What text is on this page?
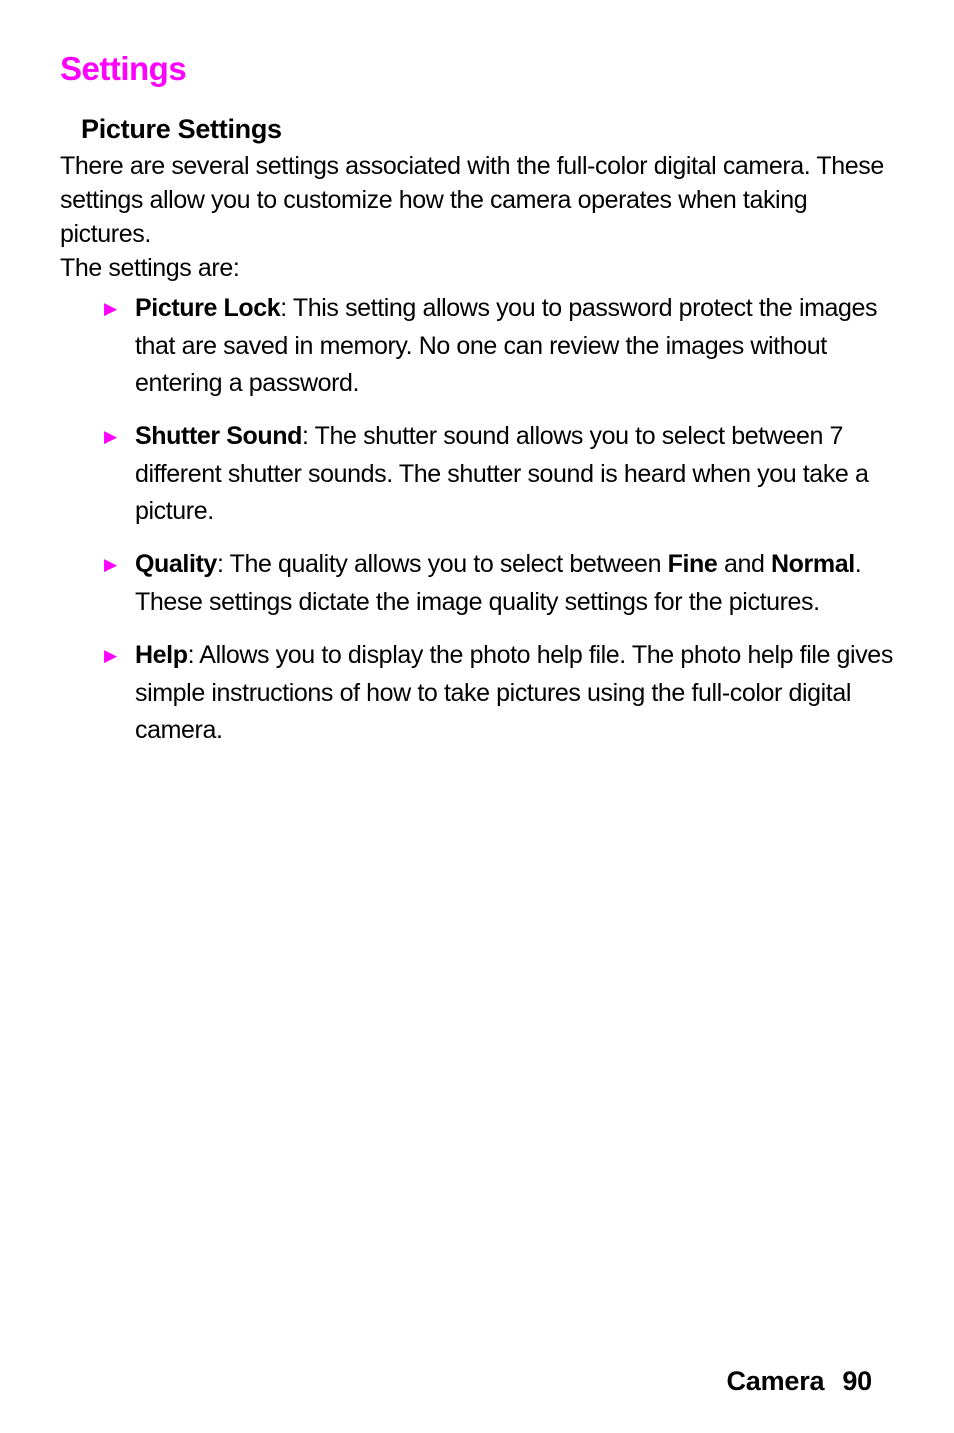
Settings
Picture Settings

There are several settings associated with the full-color digital camera. These settings allow you to customize how the camera operates when taking pictures.

The settings are:

▶ Picture Lock: This setting allows you to password protect the images that are saved in memory. No one can review the images without entering a password.
▶ Shutter Sound: The shutter sound allows you to select between 7 different shutter sounds. The shutter sound is heard when you take a picture.
▶ Quality: The quality allows you to select between Fine and Normal. These settings dictate the image quality settings for the pictures.
▶ Help: Allows you to display the photo help file. The photo help file gives simple instructions of how to take pictures using the full-color digital camera.
Camera 90
